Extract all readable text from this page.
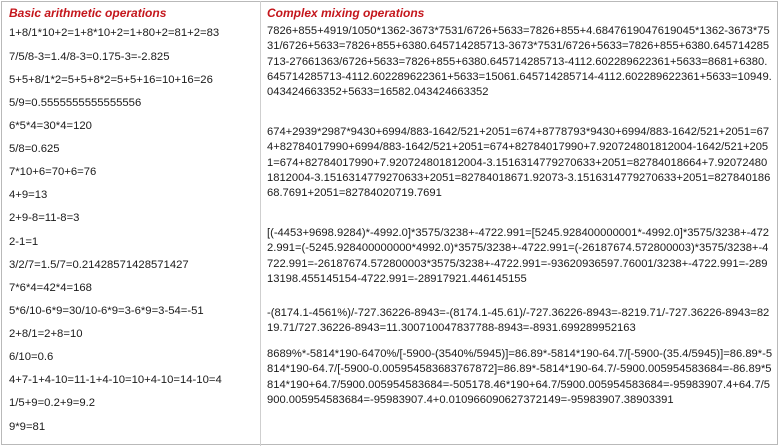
Basic arithmetic operations
1+8/1*10+2=1+8*10+2=1+80+2=81+2=83
7/5/8-3=1.4/8-3=0.175-3=-2.825
5+5+8/1*2=5+5+8*2=5+5+16=10+16=26
5/9=0.5555555555555556
6*5*4=30*4=120
5/8=0.625
7*10+6=70+6=76
4+9=13
2+9-8=11-8=3
2-1=1
3/2/7=1.5/7=0.21428571428571427
7*6*4=42*4=168
5*6/10-6*9=30/10-6*9=3-6*9=3-54=-51
2+8/1=2+8=10
6/10=0.6
4+7-1+4-10=11-1+4-10=10+4-10=14-10=4
1/5+9=0.2+9=9.2
9*9=81
Complex mixing operations
7826+855+4919/1050*1362-3673*7531/6726+5633=7826+855+4.6847619047619045*1362-3673*7531/6726+5633=7826+855+6380.645714285713-3673*7531/6726+5633=7826+855+6380.645714285713-27661363/6726+5633=7826+855+6380.645714285713-4112.602289622361+5633=8681+6380.645714285713-4112.602289622361+5633=15061.645714285714-4112.602289622361+5633=10949.043424663352+5633=16582.043424663352
674+2939*2987*9430+6994/883-1642/521+2051=674+8778793*9430+6994/883-1642/521+2051=674+82784017990+6994/883-1642/521+2051=674+82784017990+7.920724801812004-1642/521+2051=674+82784017990+7.920724801812004-3.1516314779270633+2051=82784018664+7.920724801812004-3.1516314779270633+2051=82784018671.92073-3.1516314779270633+2051=82784018668.7691+2051=82784020719.7691
[(-4453+9698.9284)*-4992.0]*3575/3238+-4722.991=[5245.928400000001*-4992.0]*3575/3238+-4722.991=(-5245.928400000000*4992.0)*3575/3238+-4722.991=(-26187674.572800003)*3575/3238+-4722.991=-26187674.572800003*3575/3238+-4722.991=-93620936597.76001/3238+-4722.991=-28913198.455145154-4722.991=-28917921.446145155
-(8174.1-4561%)/-727.36226-8943=-(8174.1-45.61)/-727.36226-8943=-8219.71/-727.36226-8943=8219.71/727.36226-8943=11.300710047837788-8943=-8931.699289952163
8689%*-5814*190-6470%/[-5900-(3540%/5945)]=86.89*-5814*190-64.7/[-5900-(35.4/5945)]=86.89*-5814*190-64.7/[-5900-0.005954583683767872]=86.89*-5814*190-64.7/-5900.005954583684=-86.89*5814*190+64.7/5900.005954583684=-505178.46*190+64.7/5900.005954583684=-95983907.4+64.7/5900.005954583684=-95983907.4+0.010966090627372149=-95983907.38903391
